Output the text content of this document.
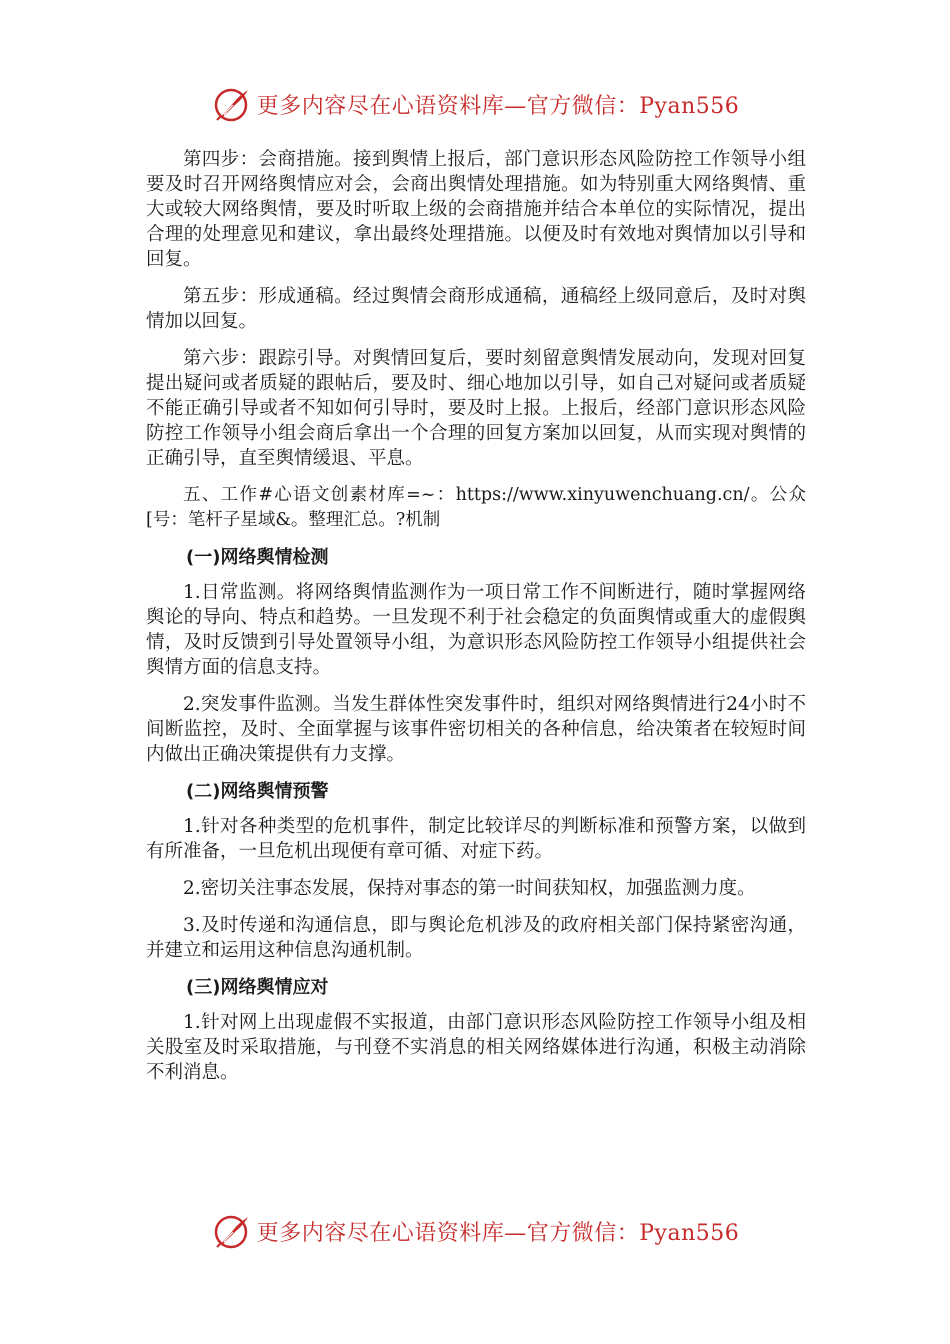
更多内容尽在心语资料库—官方微信：Pyan556

第四步：会商措施。接到舆情上报后，部门意识形态风险防控工作领导小组要及时召开网络舆情应对会，会商出舆情处理措施。如为特别重大网络舆情、重大或较大网络舆情，要及时听取上级的会商措施并结合本单位的实际情况，提出合理的处理意见和建议，拿出最终处理措施。以便及时有效地对舆情加以引导和回复。

第五步：形成通稿。经过舆情会商形成通稿，通稿经上级同意后，及时对舆情加以回复。

第六步：跟踪引导。对舆情回复后，要时刻留意舆情发展动向，发现对回复提出疑问或者质疑的跟帖后，要及时、细心地加以引导，如自己对疑问或者质疑不能正确引导或者不知如何引导时，要及时上报。上报后，经部门意识形态风险防控工作领导小组会商后拿出一个合理的回复方案加以回复，从而实现对舆情的正确引导，直至舆情缓退、平息。

五、工作#心语文创素材库=~：https://www.xinyuwenchuang.cn/。公众[号：笔杆子星域&。整理汇总。?机制

(一)网络舆情检测

1.日常监测。将网络舆情监测作为一项日常工作不间断进行，随时掌握网络舆论的导向、特点和趋势。一旦发现不利于社会稳定的负面舆情或重大的虚假舆情，及时反馈到引导处置领导小组，为意识形态风险防控工作领导小组提供社会舆情方面的信息支持。

2.突发事件监测。当发生群体性突发事件时，组织对网络舆情进行24小时不间断监控，及时、全面掌握与该事件密切相关的各种信息，给决策者在较短时间内做出正确决策提供有力支撑。

(二)网络舆情预警

1.针对各种类型的危机事件，制定比较详尽的判断标准和预警方案，以做到有所准备，一旦危机出现便有章可循、对症下药。

2.密切关注事态发展，保持对事态的第一时间获知权，加强监测力度。

3.及时传递和沟通信息，即与舆论危机涉及的政府相关部门保持紧密沟通，并建立和运用这种信息沟通机制。

(三)网络舆情应对

1.针对网上出现虚假不实报道，由部门意识形态风险防控工作领导小组及相关股室及时采取措施，与刊登不实消息的相关网络媒体进行沟通，积极主动消除不利消息。

更多内容尽在心语资料库—官方微信：Pyan556
